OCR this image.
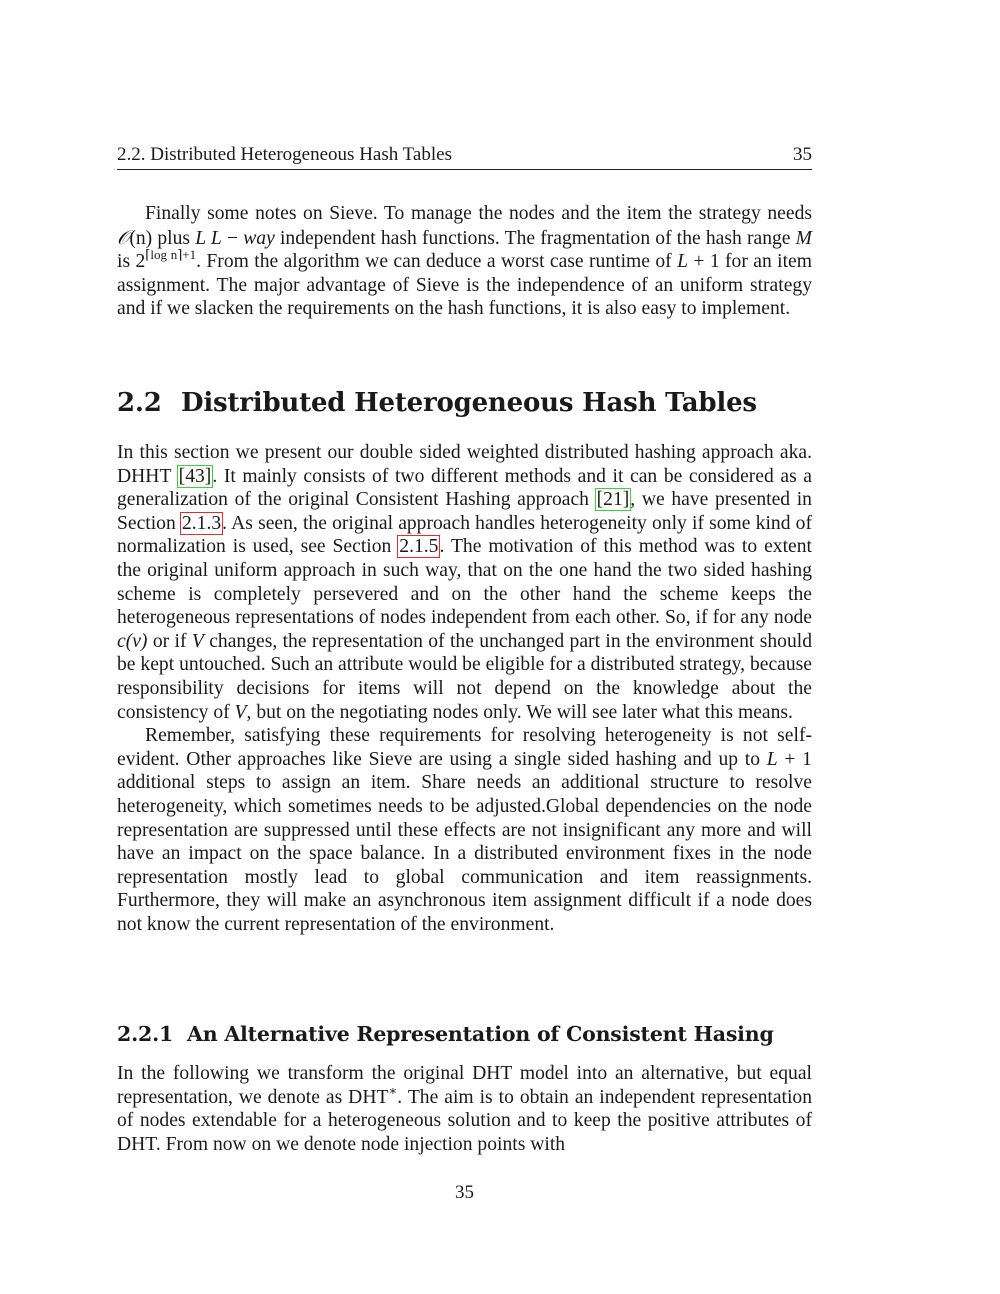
2.2. Distributed Heterogeneous Hash Tables	35

Finally some notes on Sieve. To manage the nodes and the item the strategy needs 𝒪(n) plus L L − way independent hash functions. The fragmentation of the hash range M is $2^{⌈log n⌉+1}$. From the algorithm we can deduce a worst case runtime of L + 1 for an item assignment. The major advantage of Sieve is the independence of an uniform strategy and if we slacken the requirements on the hash functions, it is also easy to implement.

2.2 Distributed Heterogeneous Hash Tables

In this section we present our double sided weighted distributed hashing approach aka. DHHT [43]. It mainly consists of two different methods and it can be considered as a generalization of the original Consistent Hashing approach [21], we have presented in Section 2.1.3. As seen, the original approach handles heterogeneity only if some kind of normalization is used, see Section 2.1.5. The motivation of this method was to extent the original uniform approach in such way, that on the one hand the two sided hashing scheme is completely persevered and on the other hand the scheme keeps the heterogeneous representations of nodes independent from each other. So, if for any node c(v) or if V changes, the representation of the unchanged part in the environment should be kept untouched. Such an attribute would be eligible for a distributed strategy, because responsibility decisions for items will not depend on the knowledge about the consistency of V, but on the negotiating nodes only. We will see later what this means.

Remember, satisfying these requirements for resolving heterogeneity is not self-evident. Other approaches like Sieve are using a single sided hashing and up to L + 1 additional steps to assign an item. Share needs an additional structure to resolve heterogeneity, which sometimes needs to be adjusted.Global dependencies on the node representation are suppressed until these effects are not insignificant any more and will have an impact on the space balance. In a distributed environment fixes in the node representation mostly lead to global communication and item reassignments. Furthermore, they will make an asynchronous item assignment difficult if a node does not know the current representation of the environment.

2.2.1 An Alternative Representation of Consistent Hasing

In the following we transform the original DHT model into an alternative, but equal representation, we denote as DHT∗. The aim is to obtain an independent representation of nodes extendable for a heterogeneous solution and to keep the positive attributes of DHT. From now on we denote node injection points with

35
